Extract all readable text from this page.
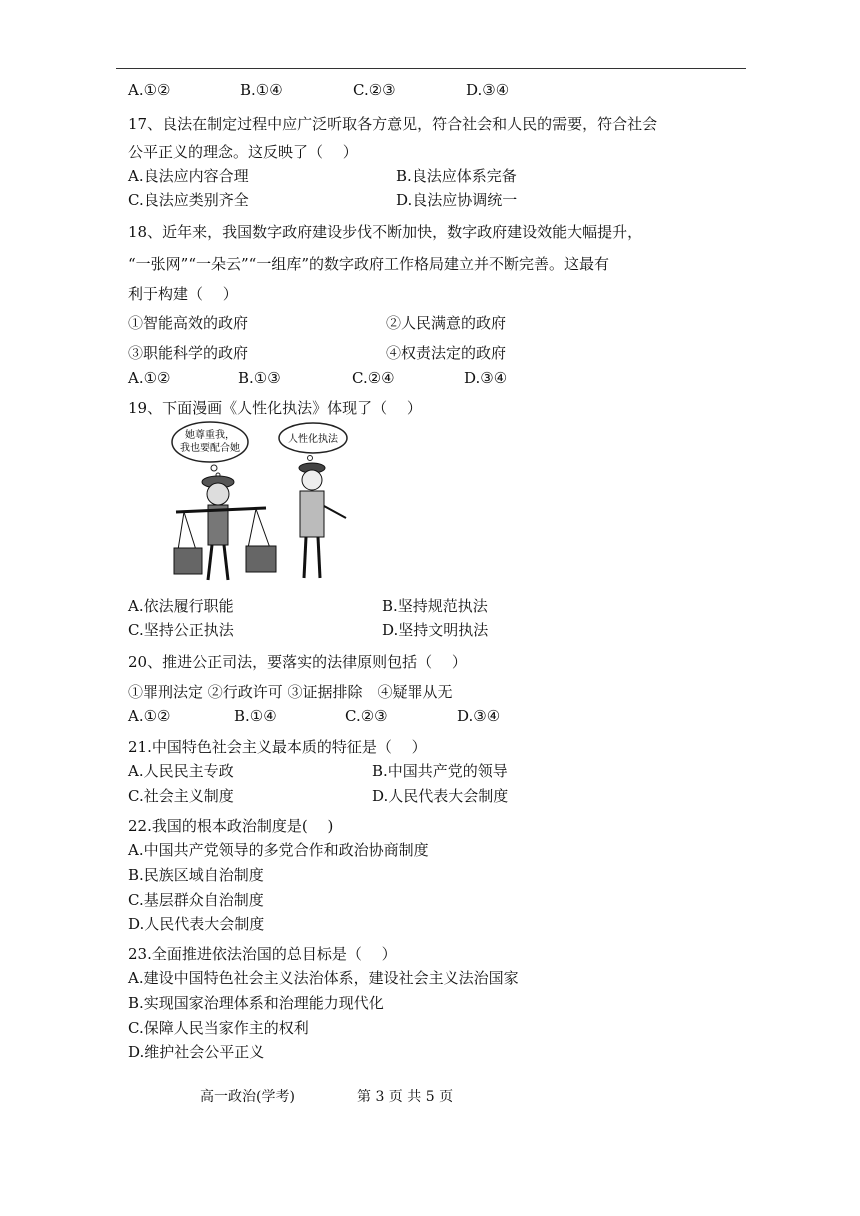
A.①②	B.①④	C.②③	D.③④
17、良法在制定过程中应广泛听取各方意见，符合社会和人民的需要，符合社会
公平正义的理念。这反映了（　 ）
A.良法应内容合理	B.良法应体系完备
C.良法应类别齐全	D.良法应协调统一
18、近年来，我国数字政府建设步伐不断加快，数字政府建设效能大幅提升，
“一张网”“一朵云”“一组库”的数字政府工作格局建立并不断完善。这最有
利于构建（　 ）
①智能高效的政府	②人民满意的政府
③职能科学的政府	④权责法定的政府
A.①②	B.①③	C.②④	D.③④
19、下面漫画《人性化执法》体现了（　 ）
她尊重我，
我也要配合她
人性化执法
A.依法履行职能	B.坚持规范执法
C.坚持公正执法	D.坚持文明执法
20、推进公正司法，要落实的法律原则包括（　 ）
①罪刑法定 ②行政许可 ③证据排除　④疑罪从无
A.①②	B.①④	C.②③	D.③④
21.中国特色社会主义最本质的特征是（　 ）
A.人民民主专政	B.中国共产党的领导
C.社会主义制度	D.人民代表大会制度
22.我国的根本政治制度是(　 )
A.中国共产党领导的多党合作和政治协商制度
B.民族区域自治制度
C.基层群众自治制度
D.人民代表大会制度
23.全面推进依法治国的总目标是（　 ）
A.建设中国特色社会主义法治体系，建设社会主义法治国家
B.实现国家治理体系和治理能力现代化
C.保障人民当家作主的权利
D.维护社会公平正义
高一政治(学考)	第 3 页 共 5 页
